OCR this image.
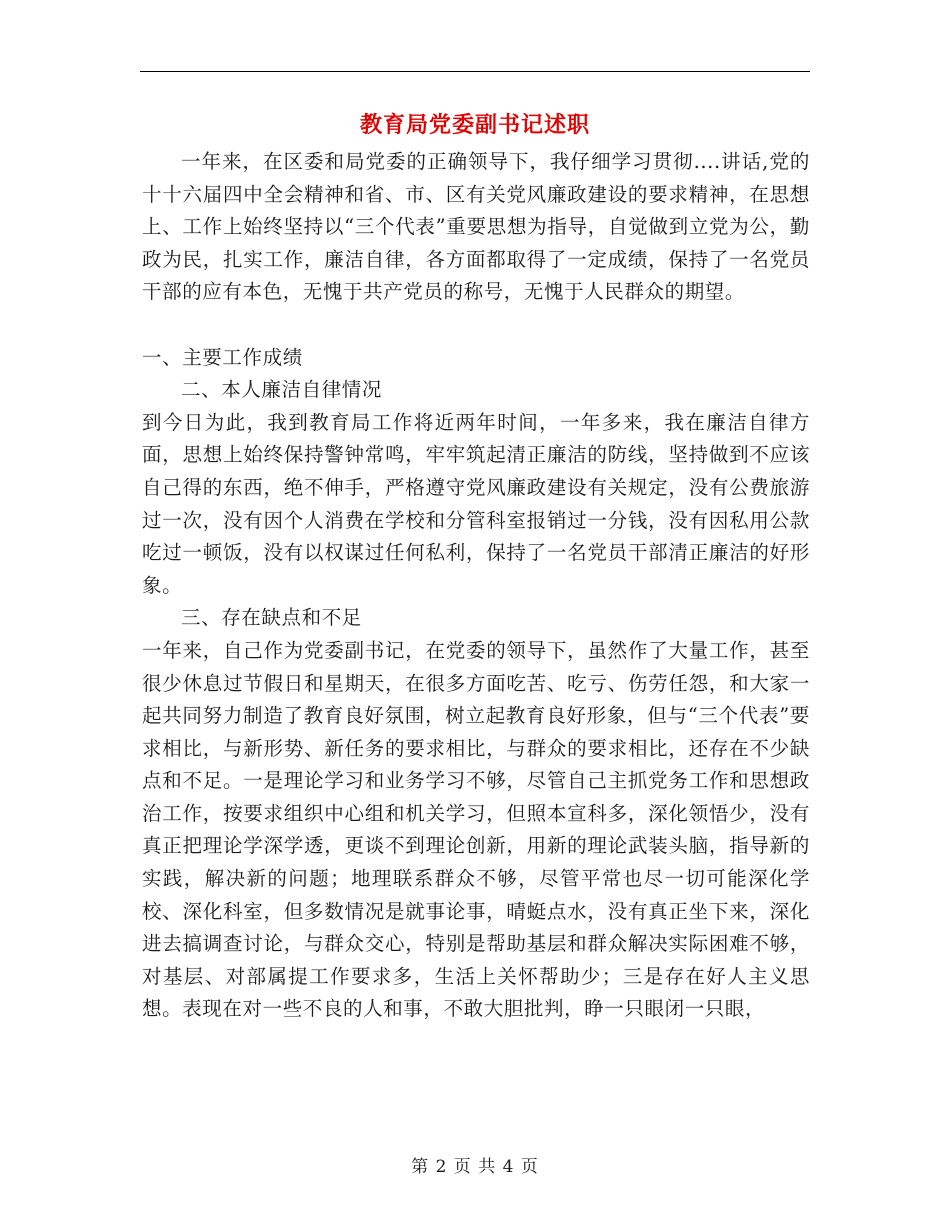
教育局党委副书记述职

一年来，在区委和局党委的正确领导下，我仔细学习贯彻....讲话,党的十十六届四中全会精神和省、市、区有关党风廉政建设的要求精神，在思想上、工作上始终坚持以“三个代表”重要思想为指导，自觉做到立党为公，勤政为民，扎实工作，廉洁自律，各方面都取得了一定成绩，保持了一名党员干部的应有本色，无愧于共产党员的称号，无愧于人民群众的期望。

一、主要工作成绩

二、本人廉洁自律情况

到今日为此，我到教育局工作将近两年时间，一年多来，我在廉洁自律方面，思想上始终保持警钟常鸣，牢牢筑起清正廉洁的防线，坚持做到不应该自己得的东西，绝不伸手，严格遵守党风廉政建设有关规定，没有公费旅游过一次，没有因个人消费在学校和分管科室报销过一分钱，没有因私用公款吃过一顿饭，没有以权谋过任何私利，保持了一名党员干部清正廉洁的好形象。

三、存在缺点和不足

一年来，自己作为党委副书记，在党委的领导下，虽然作了大量工作，甚至很少休息过节假日和星期天，在很多方面吃苦、吃亏、伤劳任怨，和大家一起共同努力制造了教育良好氛围，树立起教育良好形象，但与“三个代表”要求相比，与新形势、新任务的要求相比，与群众的要求相比，还存在不少缺点和不足。一是理论学习和业务学习不够，尽管自己主抓党务工作和思想政治工作，按要求组织中心组和机关学习，但照本宣科多，深化领悟少，没有真正把理论学深学透，更谈不到理论创新，用新的理论武装头脑，指导新的实践，解决新的问题；地理联系群众不够，尽管平常也尽一切可能深化学校、深化科室，但多数情况是就事论事，晴蜓点水，没有真正坐下来，深化进去搞调查讨论，与群众交心，特别是帮助基层和群众解决实际困难不够，对基层、对部属提工作要求多，生活上关怀帮助少；三是存在好人主义思想。表现在对一些不良的人和事，不敢大胆批判，睁一只眼闭一只眼，

第 2 页 共 4 页
